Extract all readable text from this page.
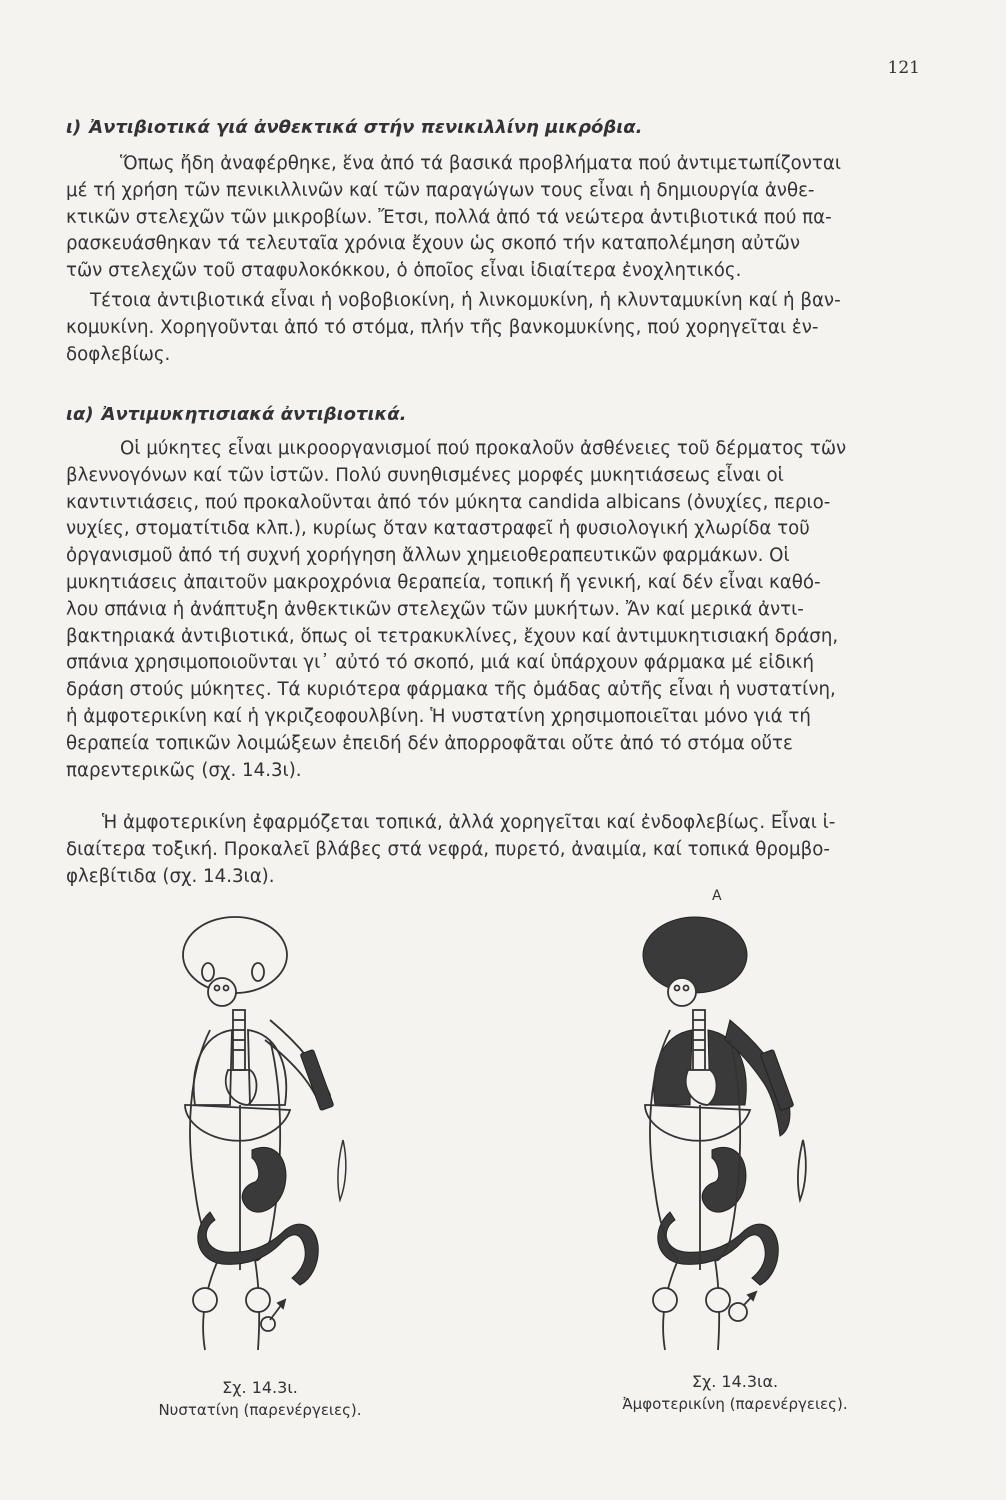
121
ι) Ἀντιβιοτικά γιά ἀνθεκτικά στήν πενικιλλίνη μικρόβια.
Ὅπως ἤδη ἀναφέρθηκε, ἕνα ἀπό τά βασικά προβλήματα πού ἀντιμετωπίζονται
μέ τή χρήση τῶν πενικιλλινῶν καί τῶν παραγώγων τους εἶναι ἡ δημιουργία ἀνθε-
κτικῶν στελεχῶν τῶν μικροβίων. Ἔτσι, πολλά ἀπό τά νεώτερα ἀντιβιοτικά πού πα-
ρασκευάσθηκαν τά τελευταῖα χρόνια ἔχουν ὡς σκοπό τήν καταπολέμηση αὐτῶν
τῶν στελεχῶν τοῦ σταφυλοκόκκου, ὁ ὁποῖος εἶναι ἰδιαίτερα ἐνοχλητικός.
Τέτοια ἀντιβιοτικά εἶναι ἡ νοβοβιοκίνη, ἡ λινκομυκίνη, ἡ κλυνταμυκίνη καί ἡ βαν-
κομυκίνη. Χορηγοῦνται ἀπό τό στόμα, πλήν τῆς βανκομυκίνης, πού χορηγεῖται ἐν-
δοφλεβίως.
ια) Ἀντιμυκητισιακά ἀντιβιοτικά.
Οἱ μύκητες εἶναι μικροοργανισμοί πού προκαλοῦν ἀσθένειες τοῦ δέρματος τῶν
βλεννογόνων καί τῶν ἰστῶν. Πολύ συνηθισμένες μορφές μυκητιάσεως εἶναι οἱ
καντιντιάσεις, πού προκαλοῦνται ἀπό τόν μύκητα candida albicans (ὀνυχίες, περιο-
νυχίες, στοματίτιδα κλπ.), κυρίως ὅταν καταστραφεῖ ἡ φυσιολογική χλωρίδα τοῦ
ὀργανισμοῦ ἀπό τή συχνή χορήγηση ἄλλων χημειοθεραπευτικῶν φαρμάκων. Οἱ
μυκητιάσεις ἀπαιτοῦν μακροχρόνια θεραπεία, τοπική ἤ γενική, καί δέν εἶναι καθό-
λου σπάνια ἡ ἀνάπτυξη ἀνθεκτικῶν στελεχῶν τῶν μυκήτων. Ἄν καί μερικά ἀντι-
βακτηριακά ἀντιβιοτικά, ὅπως οἱ τετρακυκλίνες, ἔχουν καί ἀντιμυκητισιακή δράση,
σπάνια χρησιμοποιοῦνται γι᾽ αὐτό τό σκοπό, μιά καί ὑπάρχουν φάρμακα μέ εἰδική
δράση στούς μύκητες. Τά κυριότερα φάρμακα τῆς ὁμάδας αὐτῆς εἶναι ἡ νυστατίνη,
ἡ ἀμφοτερικίνη καί ἡ γκριζεοφουλβίνη. Ἡ νυστατίνη χρησιμοποιεῖται μόνο γιά τή
θεραπεία τοπικῶν λοιμώξεων ἐπειδή δέν ἀπορροφᾶται οὔτε ἀπό τό στόμα οὔτε
παρεντερικῶς (σχ. 14.3ι).
Ἡ ἀμφοτερικίνη ἐφαρμόζεται τοπικά, ἀλλά χορηγεῖται καί ἐνδοφλεβίως. Εἶναι ἰ-
διαίτερα τοξική. Προκαλεῖ βλάβες στά νεφρά, πυρετό, ἀναιμία, καί τοπικά θρομβο-
φλεβίτιδα (σχ. 14.3ια).
Σχ. 14.3ι.
Νυστατίνη (παρενέργειες).
A
Σχ. 14.3ια.
Ἀμφοτερικίνη (παρενέργειες).
